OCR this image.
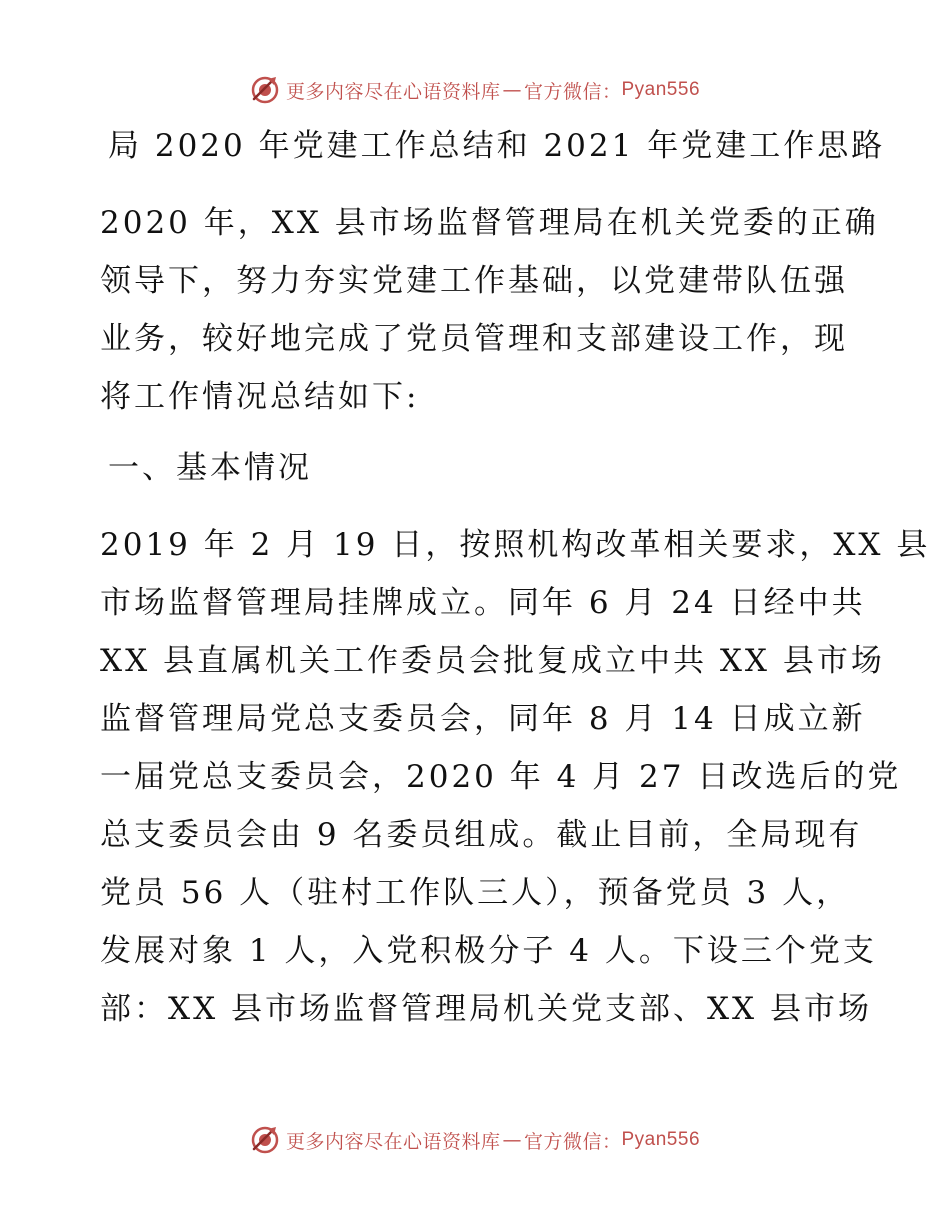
更多内容尽在心语资料库 — 官方微信： Pyan556
局 2020 年党建工作总结和 2021 年党建工作思路
2020 年，XX 县市场监督管理局在机关党委的正确
领导下，努力夯实党建工作基础，以党建带队伍强
业务，较好地完成了党员管理和支部建设工作，现
将工作情况总结如下:
一、基本情况
2019 年 2 月 19 日，按照机构改革相关要求，XX 县
市场监督管理局挂牌成立。同年 6 月 24 日经中共
XX 县直属机关工作委员会批复成立中共 XX 县市场
监督管理局党总支委员会，同年 8 月 14 日成立新
一届党总支委员会，2020 年 4 月 27 日改选后的党
总支委员会由 9 名委员组成。截止目前，全局现有
党员 56 人（驻村工作队三人），预备党员 3 人，
发展对象 1 人，入党积极分子 4 人。下设三个党支
部：XX 县市场监督管理局机关党支部、XX 县市场
更多内容尽在心语资料库 — 官方微信： Pyan556
